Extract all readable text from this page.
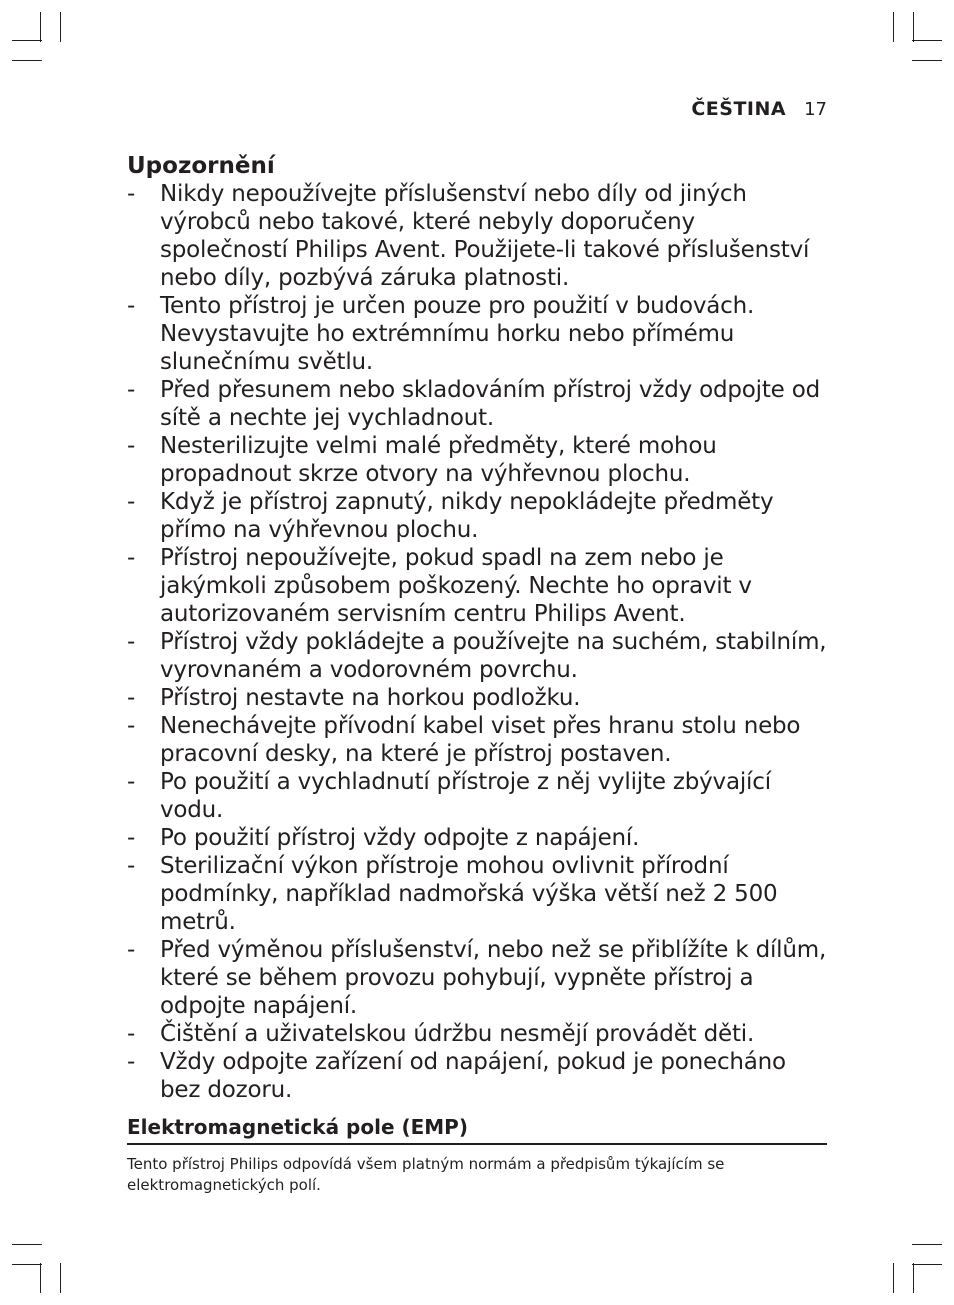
ČEŠTINA 17
Upozornění
- Nikdy nepoužívejte příslušenství nebo díly od jiných výrobců nebo takové, které nebyly doporučeny společností Philips Avent. Použijete-li takové příslušenství nebo díly, pozbývá záruka platnosti.
- Tento přístroj je určen pouze pro použití v budovách. Nevystavujte ho extrémnímu horku nebo přímému slunečnímu světlu.
- Před přesunem nebo skladováním přístroj vždy odpojte od sítě a nechte jej vychladnout.
- Nesterilizujte velmi malé předměty, které mohou propadnout skrze otvory na výhřevnou plochu.
- Když je přístroj zapnutý, nikdy nepokládejte předměty přímo na výhřevnou plochu.
- Přístroj nepoužívejte, pokud spadl na zem nebo je jakýmkoli způsobem poškozený. Nechte ho opravit v autorizovaném servisním centru Philips Avent.
- Přístroj vždy pokládejte a používejte na suchém, stabilním, vyrovnaném a vodorovném povrchu.
- Přístroj nestavte na horkou podložku.
- Nenechávejte přívodní kabel viset přes hranu stolu nebo pracovní desky, na které je přístroj postaven.
- Po použití a vychladnutí přístroje z něj vylijte zbývající vodu.
- Po použití přístroj vždy odpojte z napájení.
- Sterilizační výkon přístroje mohou ovlivnit přírodní podmínky, například nadmořská výška větší než 2 500 metrů.
- Před výměnou příslušenství, nebo než se přiblížíte k dílům, které se během provozu pohybují, vypněte přístroj a odpojte napájení.
- Čištění a uživatelskou údržbu nesmějí provádět děti.
- Vždy odpojte zařízení od napájení, pokud je ponecháno bez dozoru.
Elektromagnetická pole (EMP)

Tento přístroj Philips odpovídá všem platným normám a předpisům týkajícím se elektromagnetických polí.
